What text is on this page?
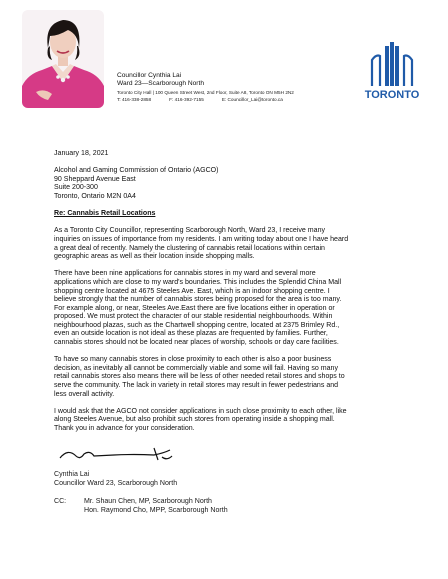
Councillor Cynthia Lai
Ward 23—Scarborough North
Toronto City Hall | 100 Queen Street West, 2nd Floor, Suite A8, Toronto ON M5H 2N2
T: 416-338-2858	F: 416-392-7155	E: Councillor_Lai@toronto.ca	TORONTO

January 18, 2021

Alcohol and Gaming Commission of Ontario (AGCO)

90 Sheppard Avenue East

Suite 200-300

Toronto, Ontario M2N 0A4

Re: Cannabis Retail Locations

As a Toronto City Councillor, representing Scarborough North, Ward 23, I receive many

inquiries on issues of importance from my residents. I am writing today about one I have heard

a great deal of recently. Namely the clustering of cannabis retail locations within certain

geographic areas as well as their location inside shopping malls.

There have been nine applications for cannabis stores in my ward and several more

applications which are close to my ward's boundaries. This includes the Splendid China Mall

shopping centre located at 4675 Steeles Ave. East, which is an indoor shopping centre. I

believe strongly that the number of cannabis stores being proposed for the area is too many.

For example along, or near, Steeles Ave.East there are five locations either in operation or

proposed. We must protect the character of our stable residential neighbourhoods. Within

neighbourhood plazas, such as the Chartwell shopping centre, located at 2375 Brimley Rd.,

even an outside location is not ideal as these plazas are frequented by families. Further,

cannabis stores should not be located near places of worship, schools or day care facilities.

To have so many cannabis stores in close proximity to each other is also a poor business

decision, as inevitably all cannot be commercially viable and some will fail. Having so many

retail cannabis stores also means there will be less of other needed retail stores and shops to

serve the community. The lack in variety in retail stores may result in fewer pedestrians and

less overall activity.

I would ask that the AGCO not consider applications in such close proximity to each other, like

along Steeles Avenue, but also prohibit such stores from operating inside a shopping mall.

Thank you in advance for your consideration.

Cynthia Lai
Councillor Ward 23, Scarborough North
CC:	Mr. Shaun Chen, MP, Scarborough North
Hon. Raymond Cho, MPP, Scarborough North
